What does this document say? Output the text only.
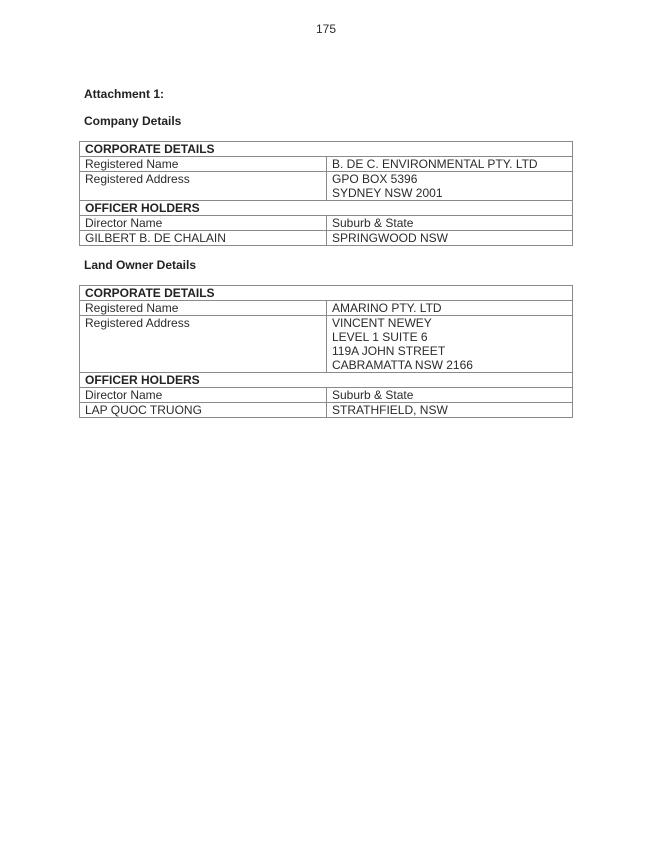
175
Attachment 1:
Company Details
CORPORATE DETAILS	
Registered Name	B. DE C. ENVIRONMENTAL PTY. LTD
Registered Address	GPO BOX 5396
SYDNEY NSW 2001

OFFICER HOLDERS	
Director Name	Suburb & State
GILBERT B. DE CHALAIN	SPRINGWOOD NSW
Land Owner Details
CORPORATE DETAILS	
Registered Name	AMARINO PTY. LTD
Registered Address	VINCENT NEWEY
LEVEL 1 SUITE 6
119A JOHN STREET
CABRAMATTA NSW 2166

OFFICER HOLDERS	
Director Name	Suburb & State
LAP QUOC TRUONG	STRATHFIELD, NSW
